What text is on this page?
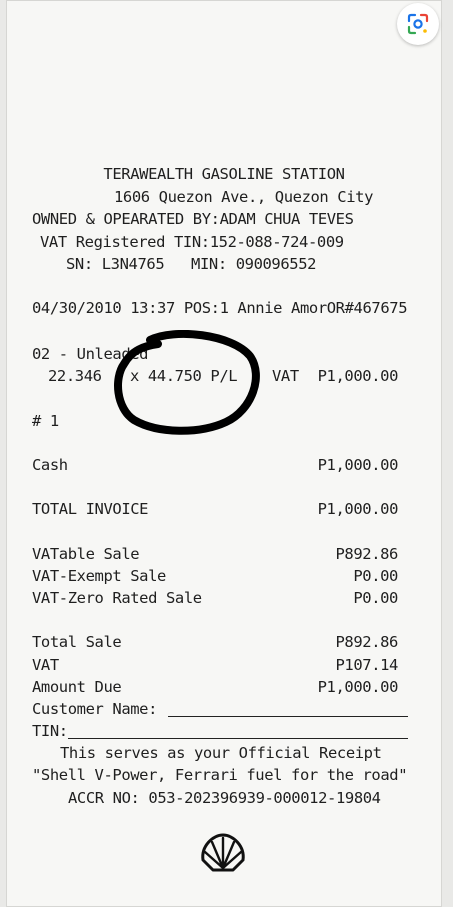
TERAWEALTH GASOLINE STATION
1606 Quezon Ave., Quezon City
OWNED & OPEARATED BY:ADAM CHUA TEVES
VAT Registered TIN:152-088-724-009
SN: L3N4765   MIN: 090096552
04/30/2010 13:37 POS:1 Annie AmorOR#467675
02 - Unleaded
22.346 x 44.750 P/L VAT P1,000.00
# 1
Cash	P1,000.00
TOTAL INVOICE	P1,000.00
VATable Sale	P892.86
VAT-Exempt Sale	P0.00
VAT-Zero Rated Sale	P0.00
Total Sale	P892.86
VAT	P107.14
Amount Due	P1,000.00
Customer Name:
TIN:
This serves as your Official Receipt
"Shell V-Power, Ferrari fuel for the road"
ACCR NO: 053-202396939-000012-19804
